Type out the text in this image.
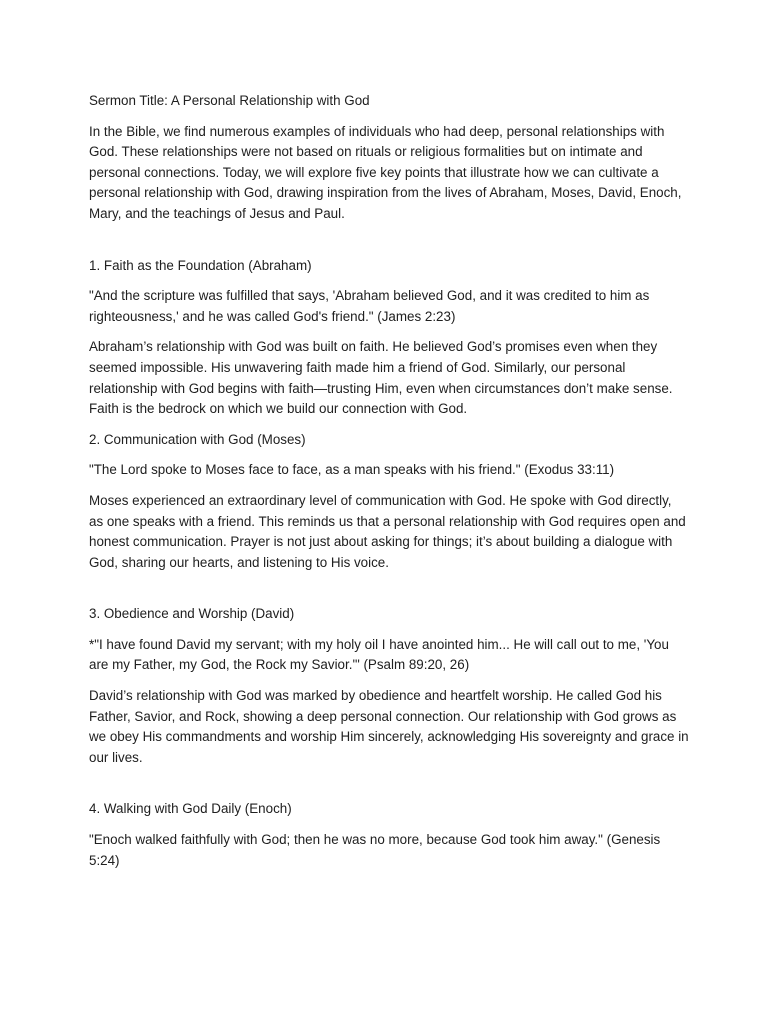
Sermon Title: A Personal Relationship with God

In the Bible, we find numerous examples of individuals who had deep, personal relationships with God. These relationships were not based on rituals or religious formalities but on intimate and personal connections. Today, we will explore five key points that illustrate how we can cultivate a personal relationship with God, drawing inspiration from the lives of Abraham, Moses, David, Enoch, Mary, and the teachings of Jesus and Paul.

1. Faith as the Foundation (Abraham)

"And the scripture was fulfilled that says, 'Abraham believed God, and it was credited to him as righteousness,' and he was called God's friend." (James 2:23)

Abraham’s relationship with God was built on faith. He believed God’s promises even when they seemed impossible. His unwavering faith made him a friend of God. Similarly, our personal relationship with God begins with faith—trusting Him, even when circumstances don’t make sense. Faith is the bedrock on which we build our connection with God.

2. Communication with God (Moses)

"The Lord spoke to Moses face to face, as a man speaks with his friend." (Exodus 33:11)

Moses experienced an extraordinary level of communication with God. He spoke with God directly, as one speaks with a friend. This reminds us that a personal relationship with God requires open and honest communication. Prayer is not just about asking for things; it’s about building a dialogue with God, sharing our hearts, and listening to His voice.

3. Obedience and Worship (David)

*"I have found David my servant; with my holy oil I have anointed him... He will call out to me, 'You are my Father, my God, the Rock my Savior.'" (Psalm 89:20, 26)

David’s relationship with God was marked by obedience and heartfelt worship. He called God his Father, Savior, and Rock, showing a deep personal connection. Our relationship with God grows as we obey His commandments and worship Him sincerely, acknowledging His sovereignty and grace in our lives.

4. Walking with God Daily (Enoch)

"Enoch walked faithfully with God; then he was no more, because God took him away." (Genesis 5:24)
